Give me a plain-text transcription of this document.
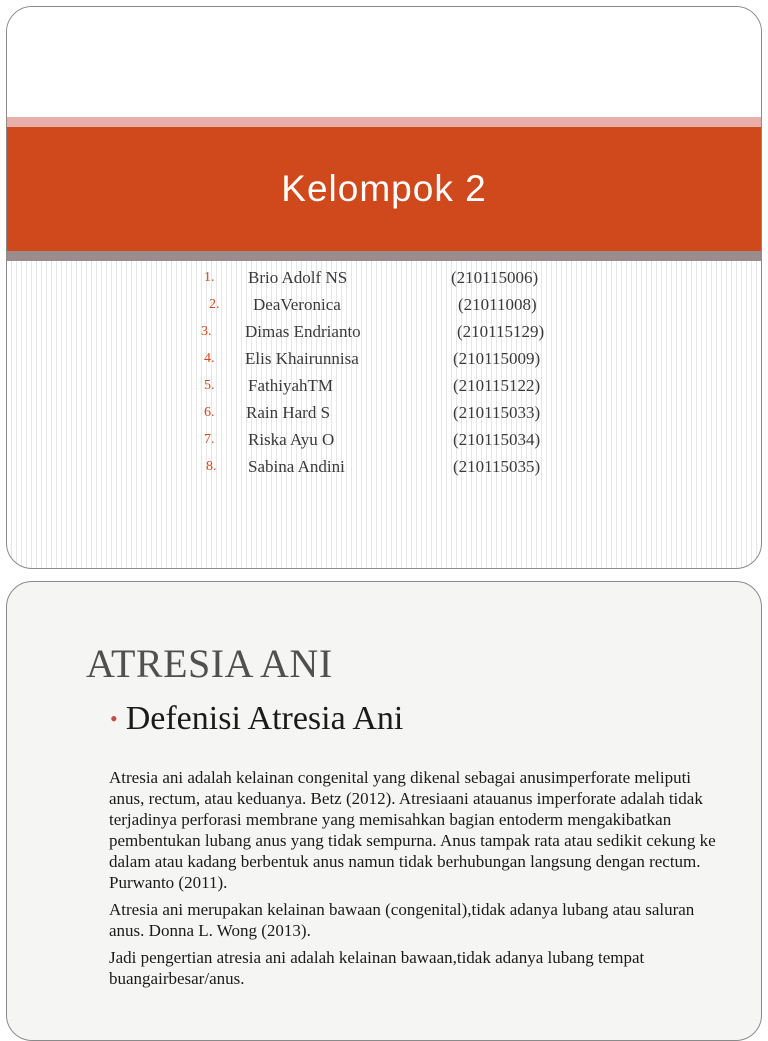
Kelompok 2
1. Brio Adolf NS	(210115006)
2. DeaVeronica	(21011008)
3. Dimas Endrianto	(210115129)
4. Elis Khairunnisa	(210115009)
5. FathiyahTM	(210115122)
6. Rain Hard S	(210115033)
7. Riska Ayu O	(210115034)
8. Sabina Andini	(210115035)
ATRESIA ANI
• Defenisi Atresia Ani

Atresia ani adalah kelainan congenital yang dikenal sebagai anusimperforate meliputi anus, rectum, atau keduanya. Betz (2012). Atresiaani atauanus imperforate adalah tidak terjadinya perforasi membrane yang memisahkan bagian entoderm mengakibatkan pembentukan lubang anus yang tidak sempurna. Anus tampak rata atau sedikit cekung ke dalam atau kadang berbentuk anus namun tidak berhubungan langsung dengan rectum. Purwanto (2011).

Atresia ani merupakan kelainan bawaan (congenital),tidak adanya lubang atau saluran anus. Donna L. Wong (2013).

Jadi pengertian atresia ani adalah kelainan bawaan,tidak adanya lubang tempat buangairbesar/anus.
